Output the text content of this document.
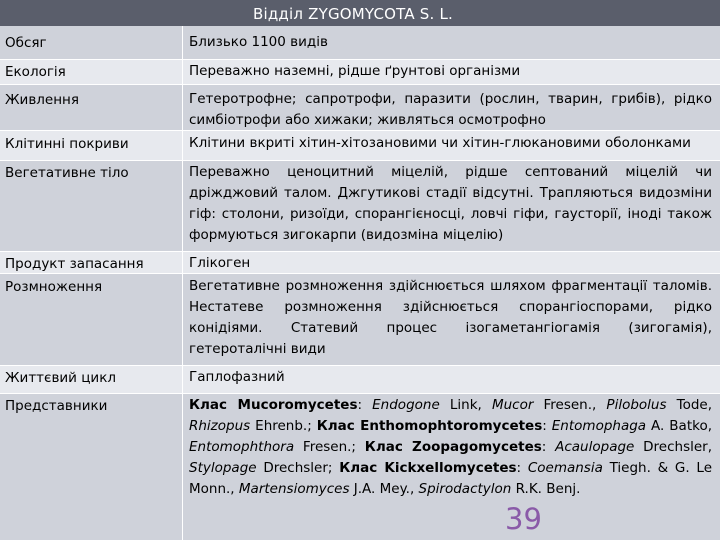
Відділ ZYGOMYCOTA S. L.
Обсяг
Екологія
Живлення
Клітинні покриви
Вегетативне тіло
Продукт запасання
Розмноження
Життєвий цикл
Представники
Близько 1100 видів
Переважно наземні, рідше ґрунтові організми
Гетеротрофне; сапротрофи, паразити (рослин, тварин, грибів), рідко симбіотрофи або хижаки; живляться осмотрофно
Клітини вкриті хітин-хітозановими чи хітин-глюкановими оболонками
Переважно ценоцитний міцелій, рідше септований міцелій чи дріжджовий талом. Джгутикові стадії відсутні. Трапляються видозміни гіф: столони, ризоїди, спорангієносці, ловчі гіфи, гаусторії, іноді також формуються зигокарпи (видозміна міцелію)
Глікоген
Вегетативне розмноження здійснюється шляхом фрагментації таломів. Нестатеве розмноження здійснюється спорангіоспорами, рідко конідіями. Статевий процес ізогаметангіогамія (зигогамія), гетероталічні види
Гаплофазний
Клас Mucoromycetes: Endogone Link, Mucor Fresen., Pilobolus Tode, Rhizopus Ehrenb.; Клас Enthomophtoromycetes: Entomophaga A. Batko, Entomophthora Fresen.; Клас Zoopagomycetes: Acaulopage Drechsler, Stylopage Drechsler; Клас Kickxellomycetes: Coemansia Tiegh. & G. Le Monn., Martensiomyces J.A. Mey., Spirodactylon R.K. Benj.
39
